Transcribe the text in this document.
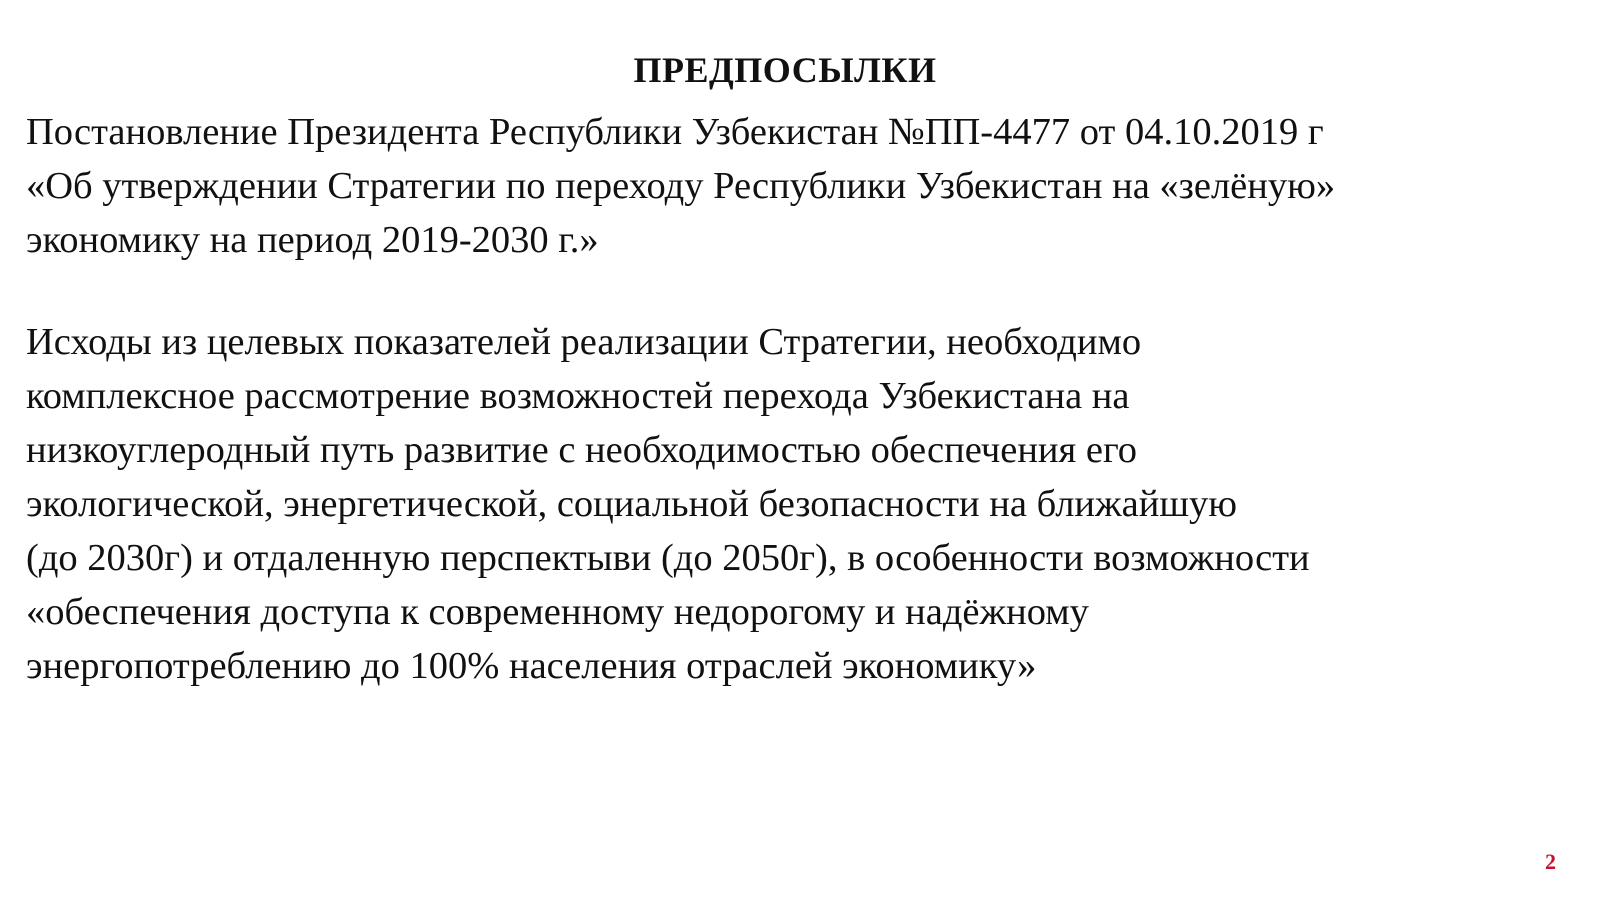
ПРЕДПОСЫЛКИ

Постановление Президента Республики Узбекистан №ПП-4477 от 04.10.2019 г
«Об утверждении Стратегии по переходу Республики Узбекистан на «зелёную»
экономику на период 2019-2030 г.»

Исходы из целевых показателей реализации Стратегии, необходимо
комплексное рассмотрение возможностей перехода Узбекистана на
низкоуглеродный путь развитие с необходимостью обеспечения его
экологической, энергетической, социальной безопасности на ближайшую
(до 2030г) и отдаленную перспектыви (до 2050г), в особенности возможности
«обеспечения доступа к современному недорогому и надёжному
энергопотреблению до 100% населения отраслей экономику»

2
